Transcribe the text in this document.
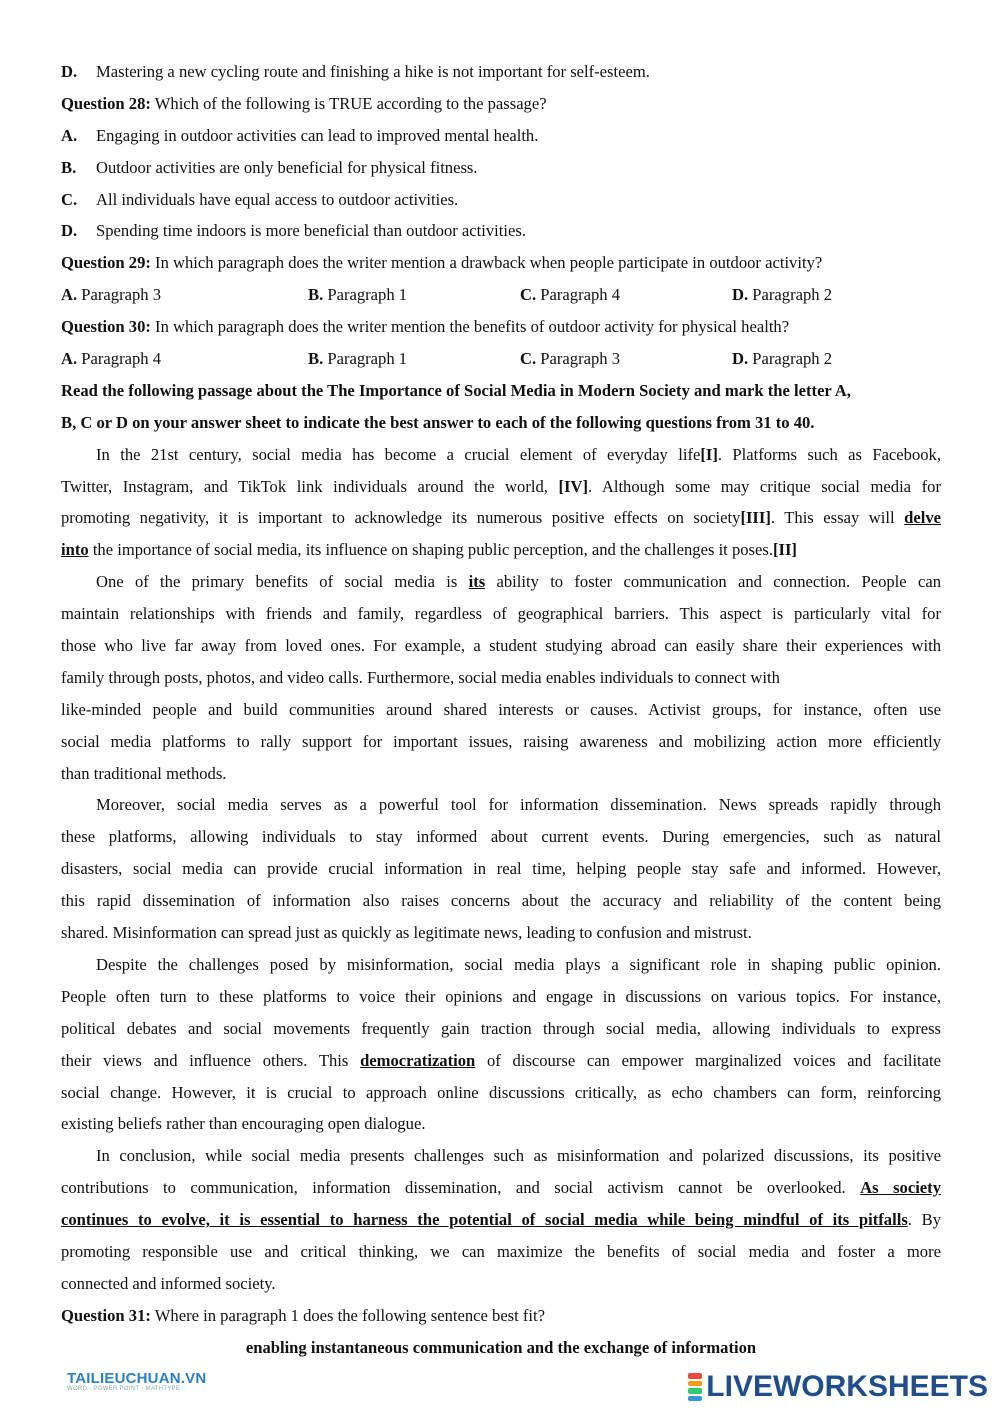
D. Mastering a new cycling route and finishing a hike is not important for self-esteem.
Question 28: Which of the following is TRUE according to the passage?
A. Engaging in outdoor activities can lead to improved mental health.
B. Outdoor activities are only beneficial for physical fitness.
C. All individuals have equal access to outdoor activities.
D. Spending time indoors is more beneficial than outdoor activities.
Question 29: In which paragraph does the writer mention a drawback when people participate in outdoor activity?
A. Paragraph 3	B. Paragraph 1	C. Paragraph 4	D. Paragraph 2
Question 30: In which paragraph does the writer mention the benefits of outdoor activity for physical health?
A. Paragraph 4	B. Paragraph 1	C. Paragraph 3	D. Paragraph 2
Read the following passage about the The Importance of Social Media in Modern Society and mark the letter A,
B, C or D on your answer sheet to indicate the best answer to each of the following questions from 31 to 40.
In the 21st century, social media has become a crucial element of everyday life[I]. Platforms such as Facebook,
Twitter, Instagram, and TikTok link individuals around the world, [IV]. Although some may critique social media for
promoting negativity, it is important to acknowledge its numerous positive effects on society[III]. This essay will delve
into the importance of social media, its influence on shaping public perception, and the challenges it poses.[II]
One of the primary benefits of social media is its ability to foster communication and connection. People can
maintain relationships with friends and family, regardless of geographical barriers. This aspect is particularly vital for
those who live far away from loved ones. For example, a student studying abroad can easily share their experiences with
family through posts, photos, and video calls. Furthermore, social media enables individuals to connect with
like-minded people and build communities around shared interests or causes. Activist groups, for instance, often use
social media platforms to rally support for important issues, raising awareness and mobilizing action more efficiently
than traditional methods.
Moreover, social media serves as a powerful tool for information dissemination. News spreads rapidly through
these platforms, allowing individuals to stay informed about current events. During emergencies, such as natural
disasters, social media can provide crucial information in real time, helping people stay safe and informed. However,
this rapid dissemination of information also raises concerns about the accuracy and reliability of the content being
shared. Misinformation can spread just as quickly as legitimate news, leading to confusion and mistrust.
Despite the challenges posed by misinformation, social media plays a significant role in shaping public opinion.
People often turn to these platforms to voice their opinions and engage in discussions on various topics. For instance,
political debates and social movements frequently gain traction through social media, allowing individuals to express
their views and influence others. This democratization of discourse can empower marginalized voices and facilitate
social change. However, it is crucial to approach online discussions critically, as echo chambers can form, reinforcing
existing beliefs rather than encouraging open dialogue.
In conclusion, while social media presents challenges such as misinformation and polarized discussions, its positive
contributions to communication, information dissemination, and social activism cannot be overlooked. As society
continues to evolve, it is essential to harness the potential of social media while being mindful of its pitfalls. By
promoting responsible use and critical thinking, we can maximize the benefits of social media and foster a more
connected and informed society.
Question 31: Where in paragraph 1 does the following sentence best fit?
enabling instantaneous communication and the exchange of information
TAILIEUCHUAN.VN
WORD - POWER POINT - MATHTYPE	LIVEWORKSHEETS
